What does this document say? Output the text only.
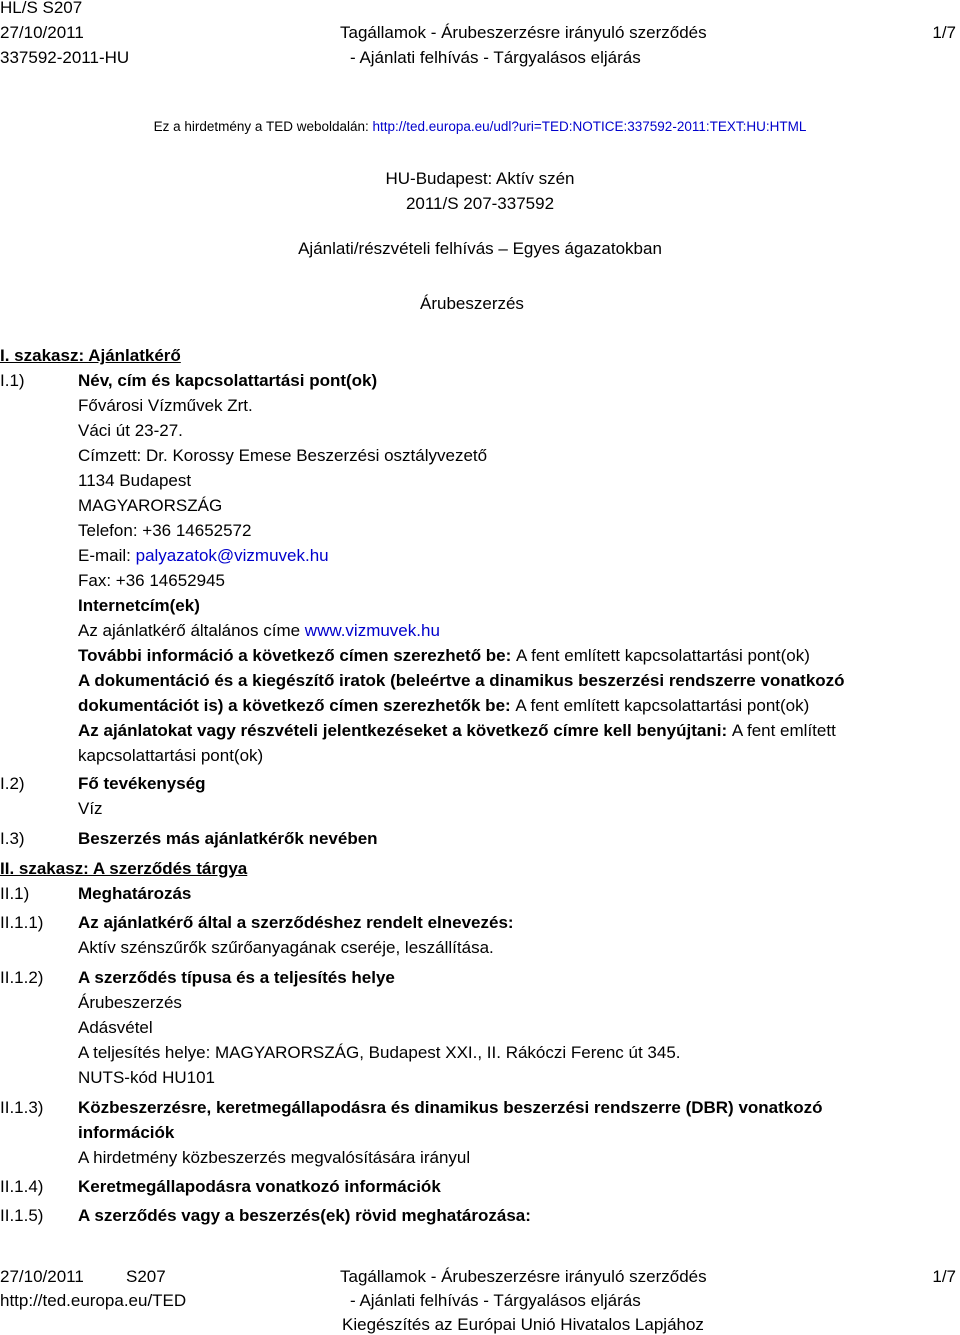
HL/S S207
27/10/2011
337592-2011-HU
Tagállamok - Árubeszerzésre irányuló szerződés
- Ajánlati felhívás - Tárgyalásos eljárás
1/7
Ez a hirdetmény a TED weboldalán: http://ted.europa.eu/udl?uri=TED:NOTICE:337592-2011:TEXT:HU:HTML
HU-Budapest: Aktív szén
2011/S 207-337592
Ajánlati/részvételi felhívás – Egyes ágazatokban
Árubeszerzés
I. szakasz: Ajánlatkérő
I.1)	Név, cím és kapcsolattartási pont(ok)
Fővárosi Vízművek Zrt.
Váci út 23-27.
Címzett: Dr. Korossy Emese Beszerzési osztályvezető
1134 Budapest
MAGYARORSZÁG
Telefon: +36 14652572
E-mail: palyazatok@vizmuvek.hu
Fax: +36 14652945
Internetcím(ek)
Az ajánlatkérő általános címe www.vizmuvek.hu
További információ a következő címen szerezhető be: A fent említett kapcsolattartási pont(ok)
A dokumentáció és a kiegészítő iratok (beleértve a dinamikus beszerzési rendszerre vonatkozó
dokumentációt is) a következő címen szerezhetők be: A fent említett kapcsolattartási pont(ok)
Az ajánlatokat vagy részvételi jelentkezéseket a következő címre kell benyújtani: A fent említett
kapcsolattartási pont(ok)
I.2)	Fő tevékenység
Víz
I.3)	Beszerzés más ajánlatkérők nevében
II. szakasz: A szerződés tárgya
II.1)	Meghatározás
II.1.1) Az ajánlatkérő által a szerződéshez rendelt elnevezés:
Aktív szénszűrők szűrőanyagának cseréje, leszállítása.
II.1.2) A szerződés típusa és a teljesítés helye
Árubeszerzés
Adásvétel
A teljesítés helye: MAGYARORSZÁG, Budapest XXI., II. Rákóczi Ferenc út 345.
NUTS-kód HU101
II.1.3) Közbeszerzésre, keretmegállapodásra és dinamikus beszerzési rendszerre (DBR) vonatkozó
információk
A hirdetmény közbeszerzés megvalósítására irányul
II.1.4) Keretmegállapodásra vonatkozó információk
II.1.5) A szerződés vagy a beszerzés(ek) rövid meghatározása:
27/10/2011 S207
http://ted.europa.eu/TED
Tagállamok - Árubeszerzésre irányuló szerződés
- Ajánlati felhívás - Tárgyalásos eljárás
Kiegészítés az Európai Unió Hivatalos Lapjához
1/7
